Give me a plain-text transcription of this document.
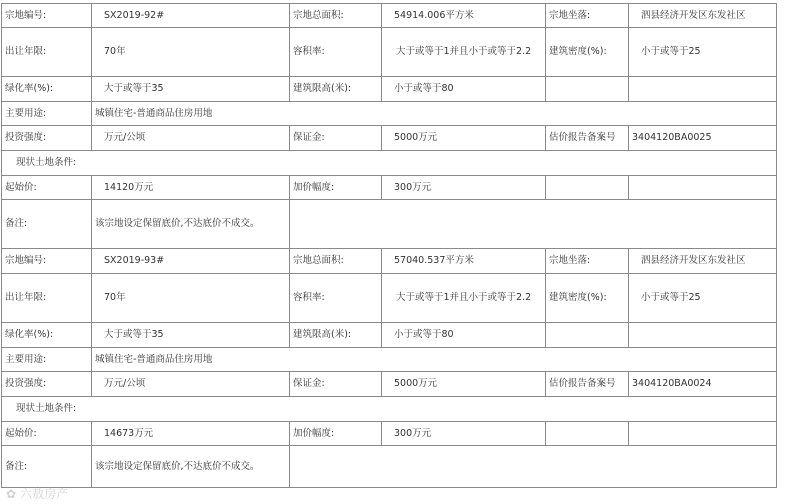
宗地编号:	SX2019-92#	宗地总面积:	54914.006平方米	宗地坐落:	泗县经济开发区东发社区
出让年限:	70年	容积率:	大于或等于1并且小于或等于2.2	建筑密度(%):	小于或等于25
绿化率(%):	大于或等于35	建筑限高(米):	小于或等于80		
主要用途:	城镇住宅-普通商品住房用地				
投资强度:	万元/公顷	保证金:	5000万元	估价报告备案号	3404120BA0025
现状土地条件:					
起始价:	14120万元	加价幅度:	300万元		
备注:	该宗地设定保留底价,不达底价不成交。				

宗地编号:	SX2019-93#	宗地总面积:	57040.537平方米	宗地坐落:	泗县经济开发区东发社区
出让年限:	70年	容积率:	大于或等于1并且小于或等于2.2	建筑密度(%):	小于或等于25
绿化率(%):	大于或等于35	建筑限高(米):	小于或等于80		
主要用途:	城镇住宅-普通商品住房用地				
投资强度:	万元/公顷	保证金:	5000万元	估价报告备案号	3404120BA0024
现状土地条件:					
起始价:	14673万元	加价幅度:	300万元		
备注:	该宗地设定保留底价,不达底价不成交。				

✿ 六敖房产
